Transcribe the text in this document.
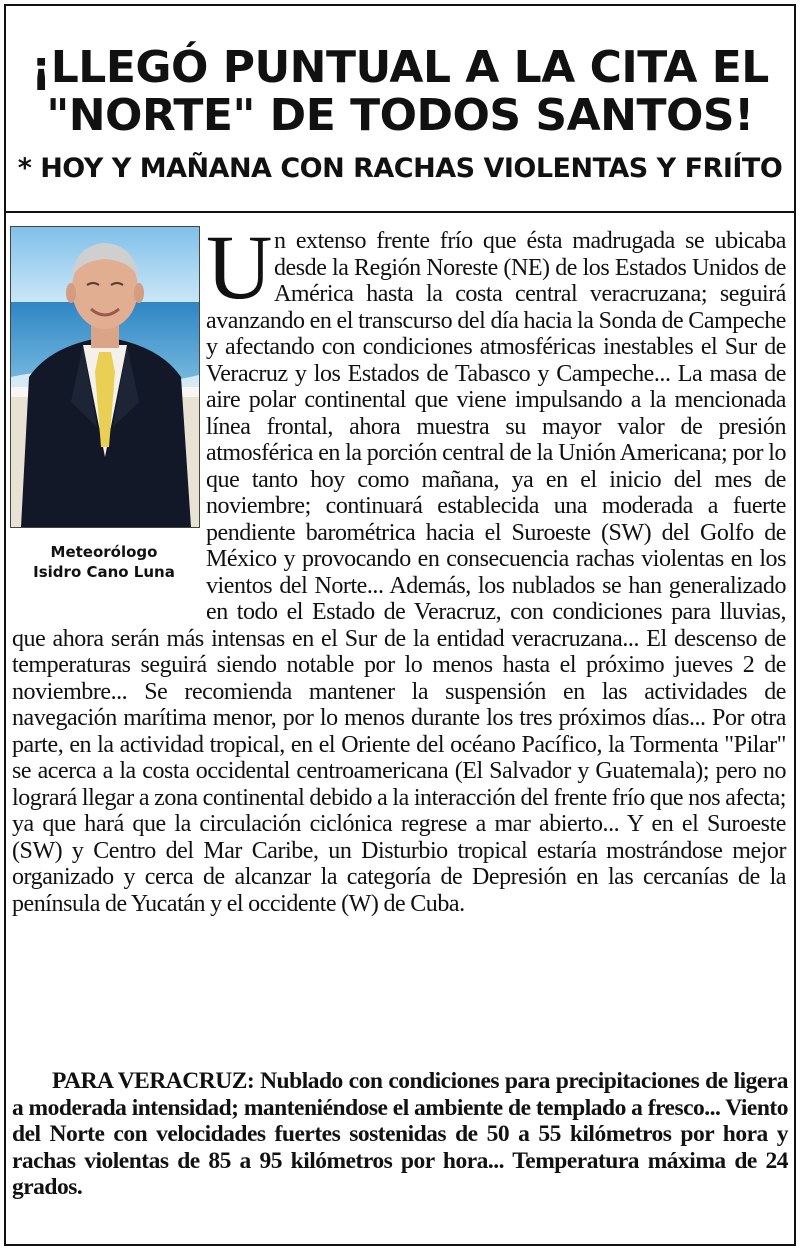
¡LLEGÓ PUNTUAL A LA CITA EL
"NORTE" DE TODOS SANTOS!
* HOY Y MAÑANA CON RACHAS VIOLENTAS Y FRIÍTO
Meteorólogo
Isidro Cano Luna

Un extenso frente frío que ésta madrugada se ubicaba desde la Región Noreste (NE) de los Estados Unidos de América hasta la costa central veracruzana; seguirá avanzando en el transcurso del día hacia la Sonda de Campeche y afectando con condiciones atmosféricas inestables el Sur de Veracruz y los Estados de Tabasco y Campeche... La masa de aire polar continental que viene impulsando a la mencionada línea frontal, ahora muestra su mayor valor de presión atmosférica en la porción central de la Unión Americana; por lo que tanto hoy como mañana, ya en el inicio del mes de noviembre; continuará establecida una moderada a fuerte pendiente barométrica hacia el Suroeste (SW) del Golfo de México y provocando en consecuencia rachas violentas en los vientos del Norte... Además, los nublados se han generalizado en todo el Estado de Veracruz, con condiciones para lluvias, que ahora serán más intensas en el Sur de la entidad veracruzana... El descenso de temperaturas seguirá siendo notable por lo menos hasta el próximo jueves 2 de noviembre... Se recomienda mantener la suspensión en las actividades de navegación marítima menor, por lo menos durante los tres próximos días... Por otra parte, en la actividad tropical, en el Oriente del océano Pacífico, la Tormenta "Pilar" se acerca a la costa occidental centroamericana (El Salvador y Guatemala); pero no logrará llegar a zona continental debido a la interacción del frente frío que nos afecta; ya que hará que la circulación ciclónica regrese a mar abierto... Y en el Suroeste (SW) y Centro del Mar Caribe, un Disturbio tropical estaría mostrándose mejor organizado y cerca de alcanzar la categoría de Depresión en las cercanías de la península de Yucatán y el occidente (W) de Cuba.

PARA VERACRUZ: Nublado con condiciones para precipitaciones de ligera a moderada intensidad; manteniéndose el ambiente de templado a fresco... Viento del Norte con velocidades fuertes sostenidas de 50 a 55 kilómetros por hora y rachas violentas de 85 a 95 kilómetros por hora... Temperatura máxima de 24 grados.
